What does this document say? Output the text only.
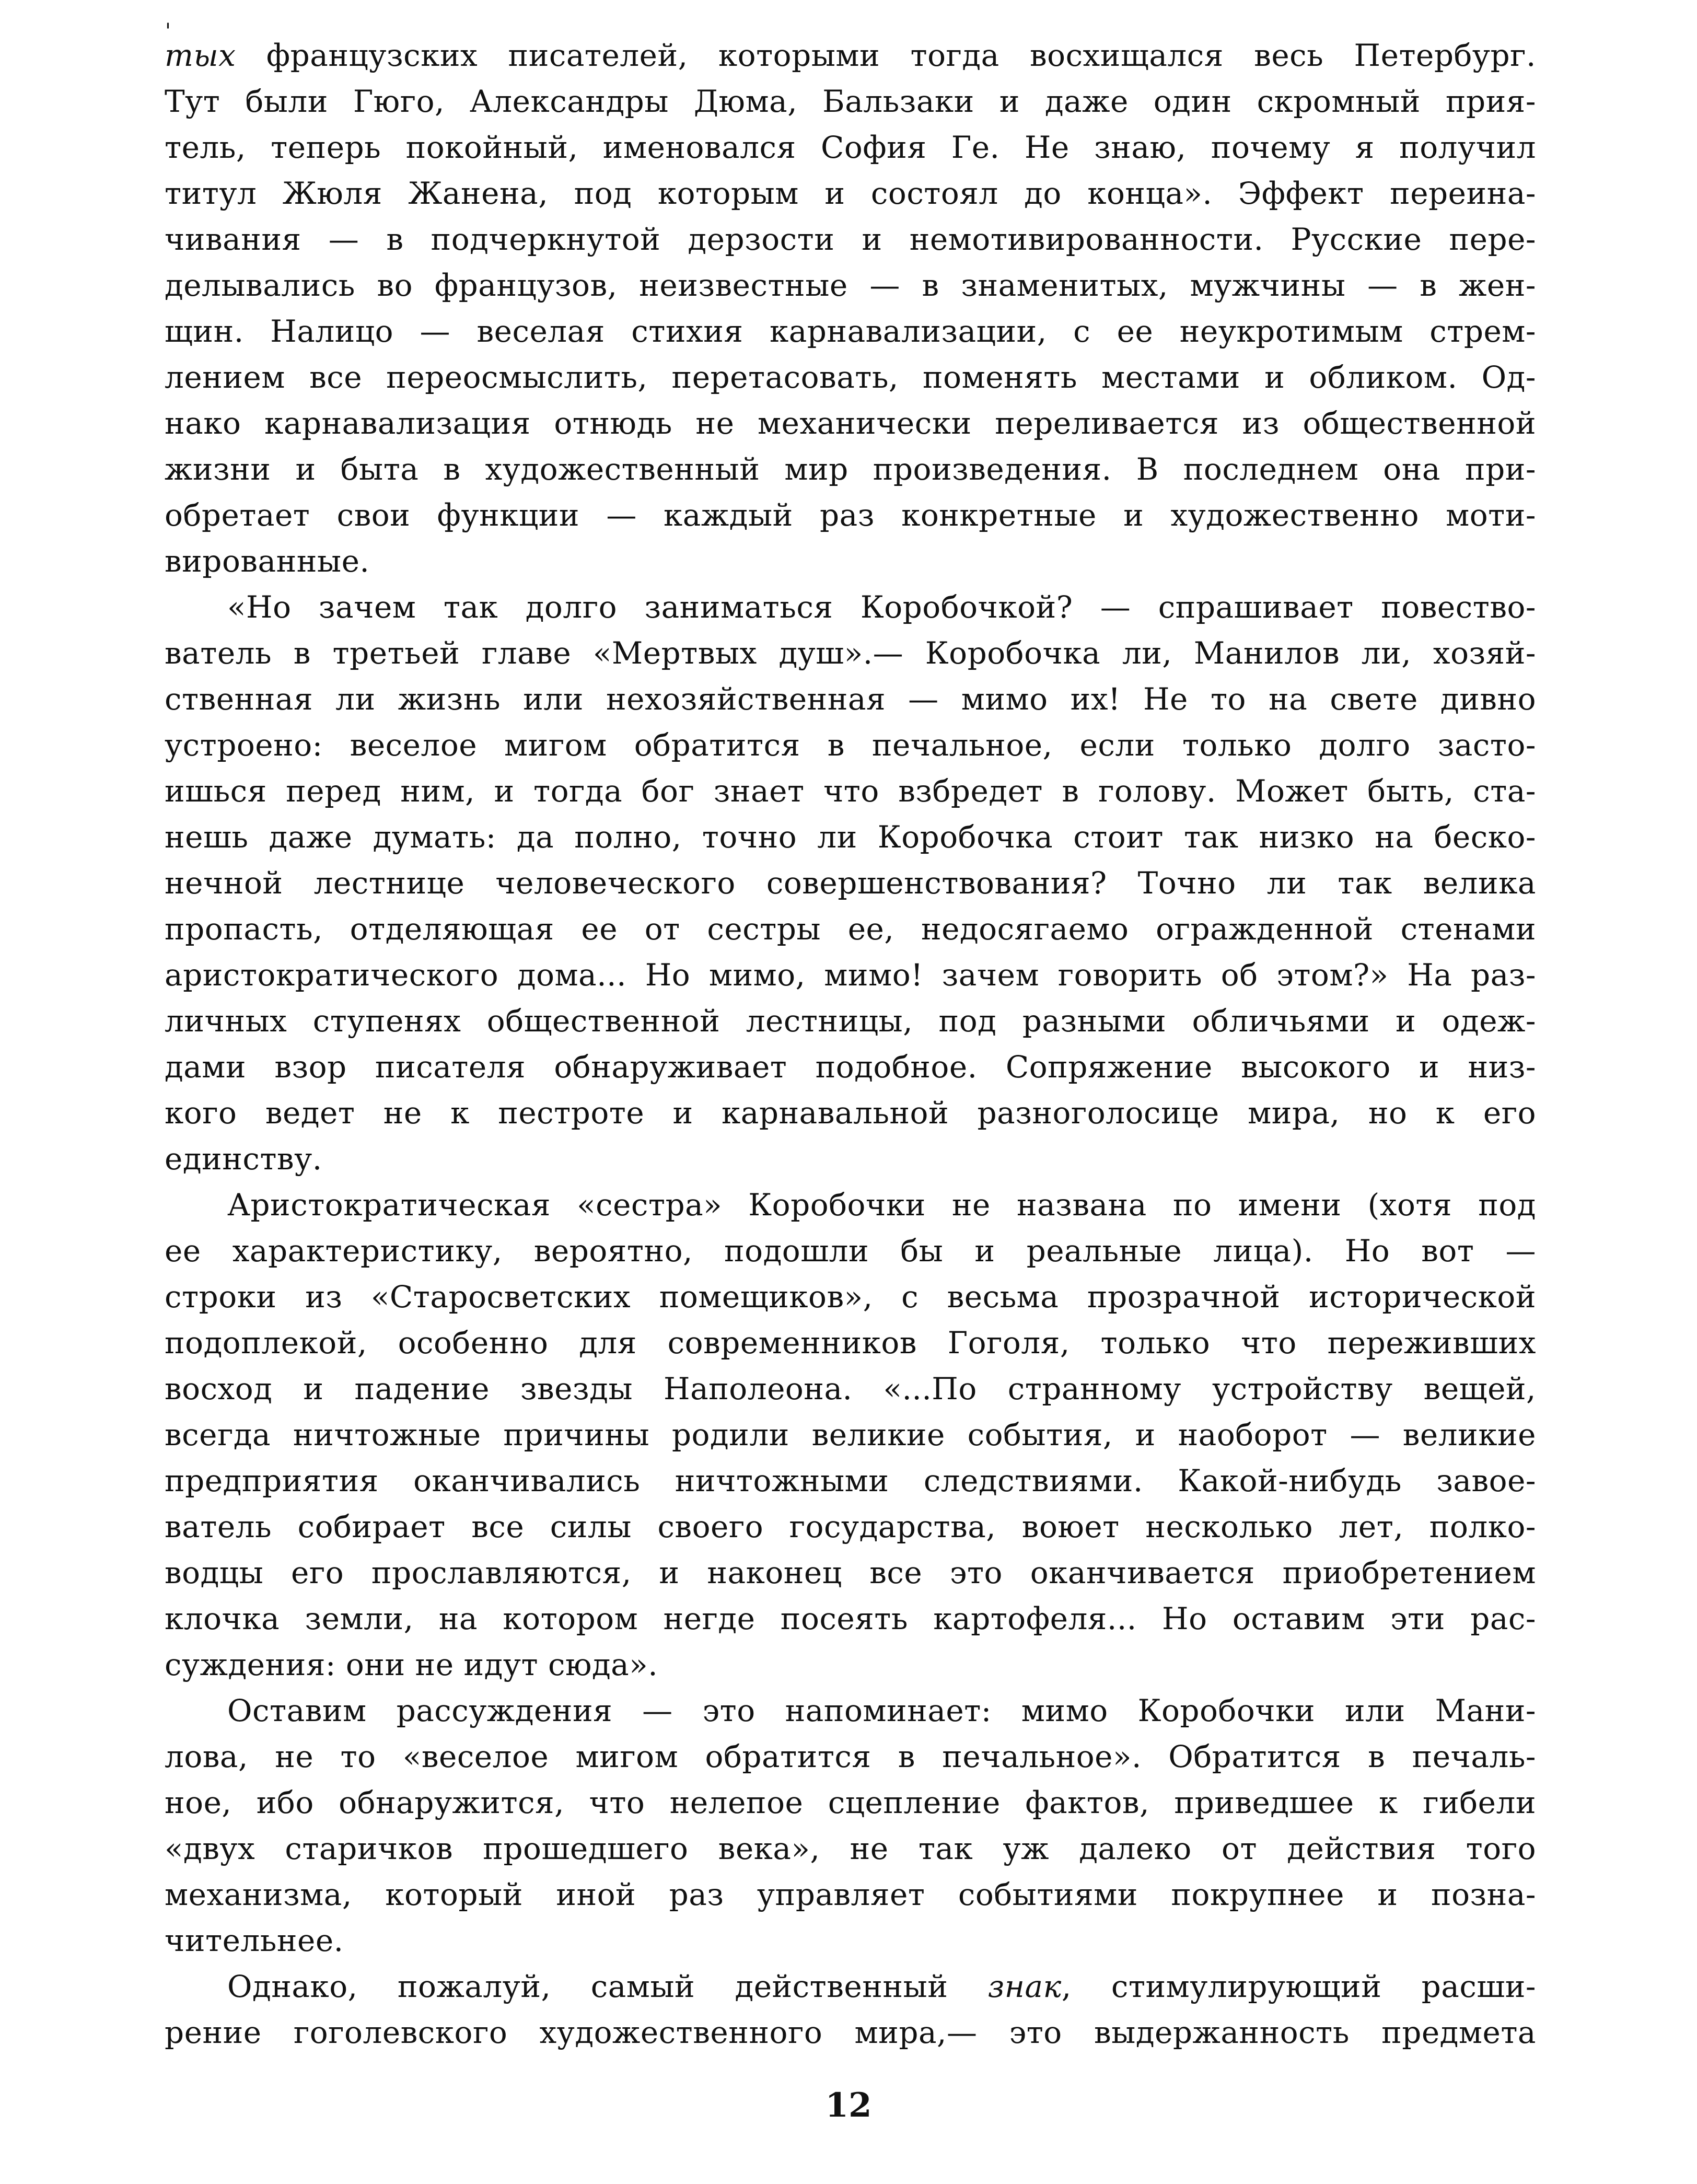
'
тых французских писателей, которыми тогда восхищался весь Петербург.
Тут были Гюго, Александры Дюма, Бальзаки и даже один скромный прия-
тель, теперь покойный, именовался София Ге. Не знаю, почему я получил
титул Жюля Жанена, под которым и состоял до конца». Эффект переина-
чивания — в подчеркнутой дерзости и немотивированности. Русские пере-
делывались во французов, неизвестные — в знаменитых, мужчины — в жен-
щин. Налицо — веселая стихия карнавализации, с ее неукротимым стрем-
лением все переосмыслить, перетасовать, поменять местами и обликом. Од-
нако карнавализация отнюдь не механически переливается из общественной
жизни и быта в художественный мир произведения. В последнем она при-
обретает свои функции — каждый раз конкретные и художественно моти-
вированные.
«Но зачем так долго заниматься Коробочкой? — спрашивает повество-
ватель в третьей главе «Мертвых душ».— Коробочка ли, Манилов ли, хозяй-
ственная ли жизнь или нехозяйственная — мимо их! Не то на свете дивно
устроено: веселое мигом обратится в печальное, если только долго засто-
ишься перед ним, и тогда бог знает что взбредет в голову. Может быть, ста-
нешь даже думать: да полно, точно ли Коробочка стоит так низко на беско-
нечной лестнице человеческого совершенствования? Точно ли так велика
пропасть, отделяющая ее от сестры ее, недосягаемо огражденной стенами
аристократического дома... Но мимо, мимо! зачем говорить об этом?» На раз-
личных ступенях общественной лестницы, под разными обличьями и одеж-
дами взор писателя обнаруживает подобное. Сопряжение высокого и низ-
кого ведет не к пестроте и карнавальной разноголосице мира, но к его
единству.
Аристократическая «сестра» Коробочки не названа по имени (хотя под
ее характеристику, вероятно, подошли бы и реальные лица). Но вот —
строки из «Старосветских помещиков», с весьма прозрачной исторической
подоплекой, особенно для современников Гоголя, только что переживших
восход и падение звезды Наполеона. «...По странному устройству вещей,
всегда ничтожные причины родили великие события, и наоборот — великие
предприятия оканчивались ничтожными следствиями. Какой-нибудь завое-
ватель собирает все силы своего государства, воюет несколько лет, полко-
водцы его прославляются, и наконец все это оканчивается приобретением
клочка земли, на котором негде посеять картофеля... Но оставим эти рас-
суждения: они не идут сюда».
Оставим рассуждения — это напоминает: мимо Коробочки или Мани-
лова, не то «веселое мигом обратится в печальное». Обратится в печаль-
ное, ибо обнаружится, что нелепое сцепление фактов, приведшее к гибели
«двух старичков прошедшего века», не так уж далеко от действия того
механизма, который иной раз управляет событиями покрупнее и позна-
чительнее.
Однако, пожалуй, самый действенный знак, стимулирующий расши-
рение гоголевского художественного мира,— это выдержанность предмета
12
